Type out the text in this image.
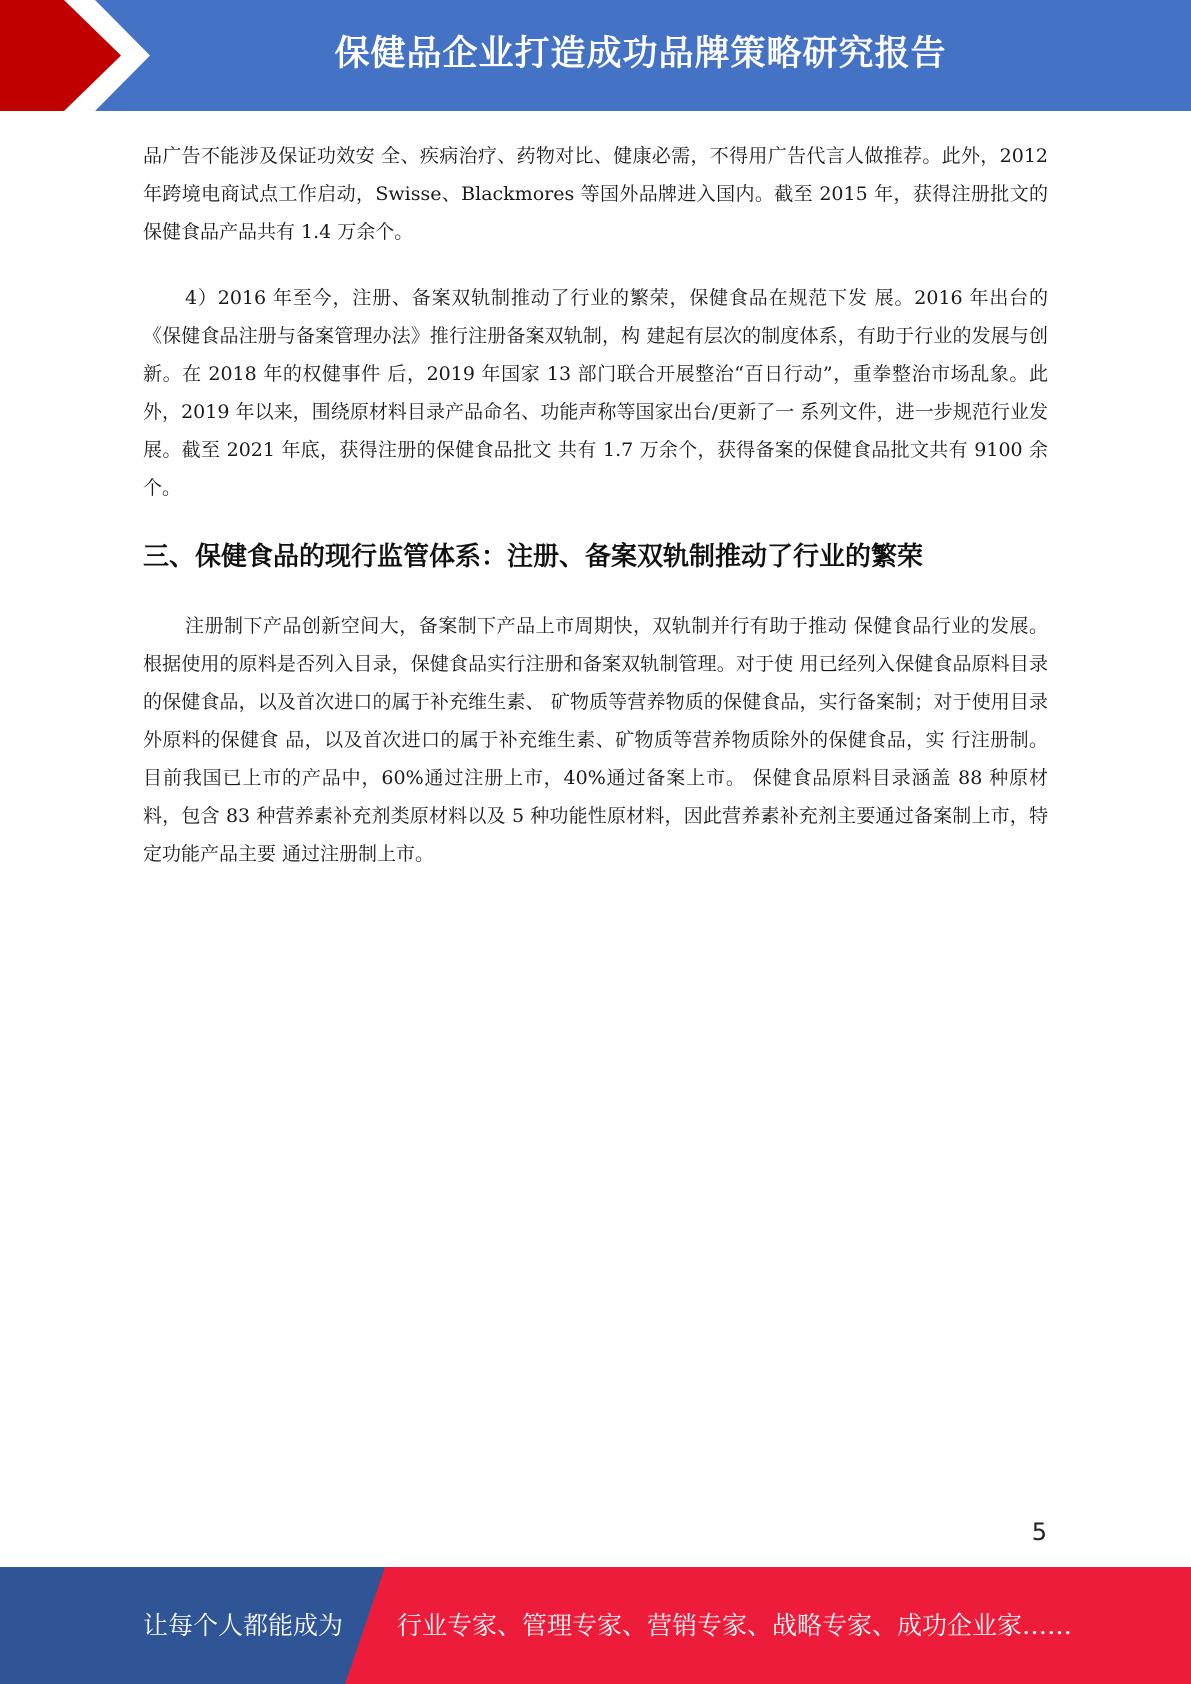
保健品企业打造成功品牌策略研究报告

品广告不能涉及保证功效安 全、疾病治疗、药物对比、健康必需，不得用广告代言人做推荐。此外，2012 年跨境电商试点工作启动，Swisse、Blackmores 等国外品牌进入国内。截至 2015 年，获得注册批文的保健食品产品共有 1.4 万余个。

4）2016 年至今，注册、备案双轨制推动了行业的繁荣，保健食品在规范下发 展。2016 年出台的《保健食品注册与备案管理办法》推行注册备案双轨制，构 建起有层次的制度体系，有助于行业的发展与创新。在 2018 年的权健事件 后，2019 年国家 13 部门联合开展整治“百日行动”，重拳整治市场乱象。此 外，2019 年以来，围绕原材料目录产品命名、功能声称等国家出台/更新了一 系列文件，进一步规范行业发展。截至 2021 年底，获得注册的保健食品批文 共有 1.7 万余个，获得备案的保健食品批文共有 9100 余个。

三、保健食品的现行监管体系：注册、备案双轨制推动了行业的繁荣

注册制下产品创新空间大，备案制下产品上市周期快，双轨制并行有助于推动 保健食品行业的发展。 根据使用的原料是否列入目录，保健食品实行注册和备案双轨制管理。对于使 用已经列入保健食品原料目录的保健食品，以及首次进口的属于补充维生素、 矿物质等营养物质的保健食品，实行备案制；对于使用目录外原料的保健食 品，以及首次进口的属于补充维生素、矿物质等营养物质除外的保健食品，实 行注册制。目前我国已上市的产品中，60%通过注册上市，40%通过备案上市。 保健食品原料目录涵盖 88 种原材料，包含 83 种营养素补充剂类原材料以及 5 种功能性原材料，因此营养素补充剂主要通过备案制上市，特定功能产品主要 通过注册制上市。

5
让每个人都能成为 行业专家、管理专家、营销专家、战略专家、成功企业家……
